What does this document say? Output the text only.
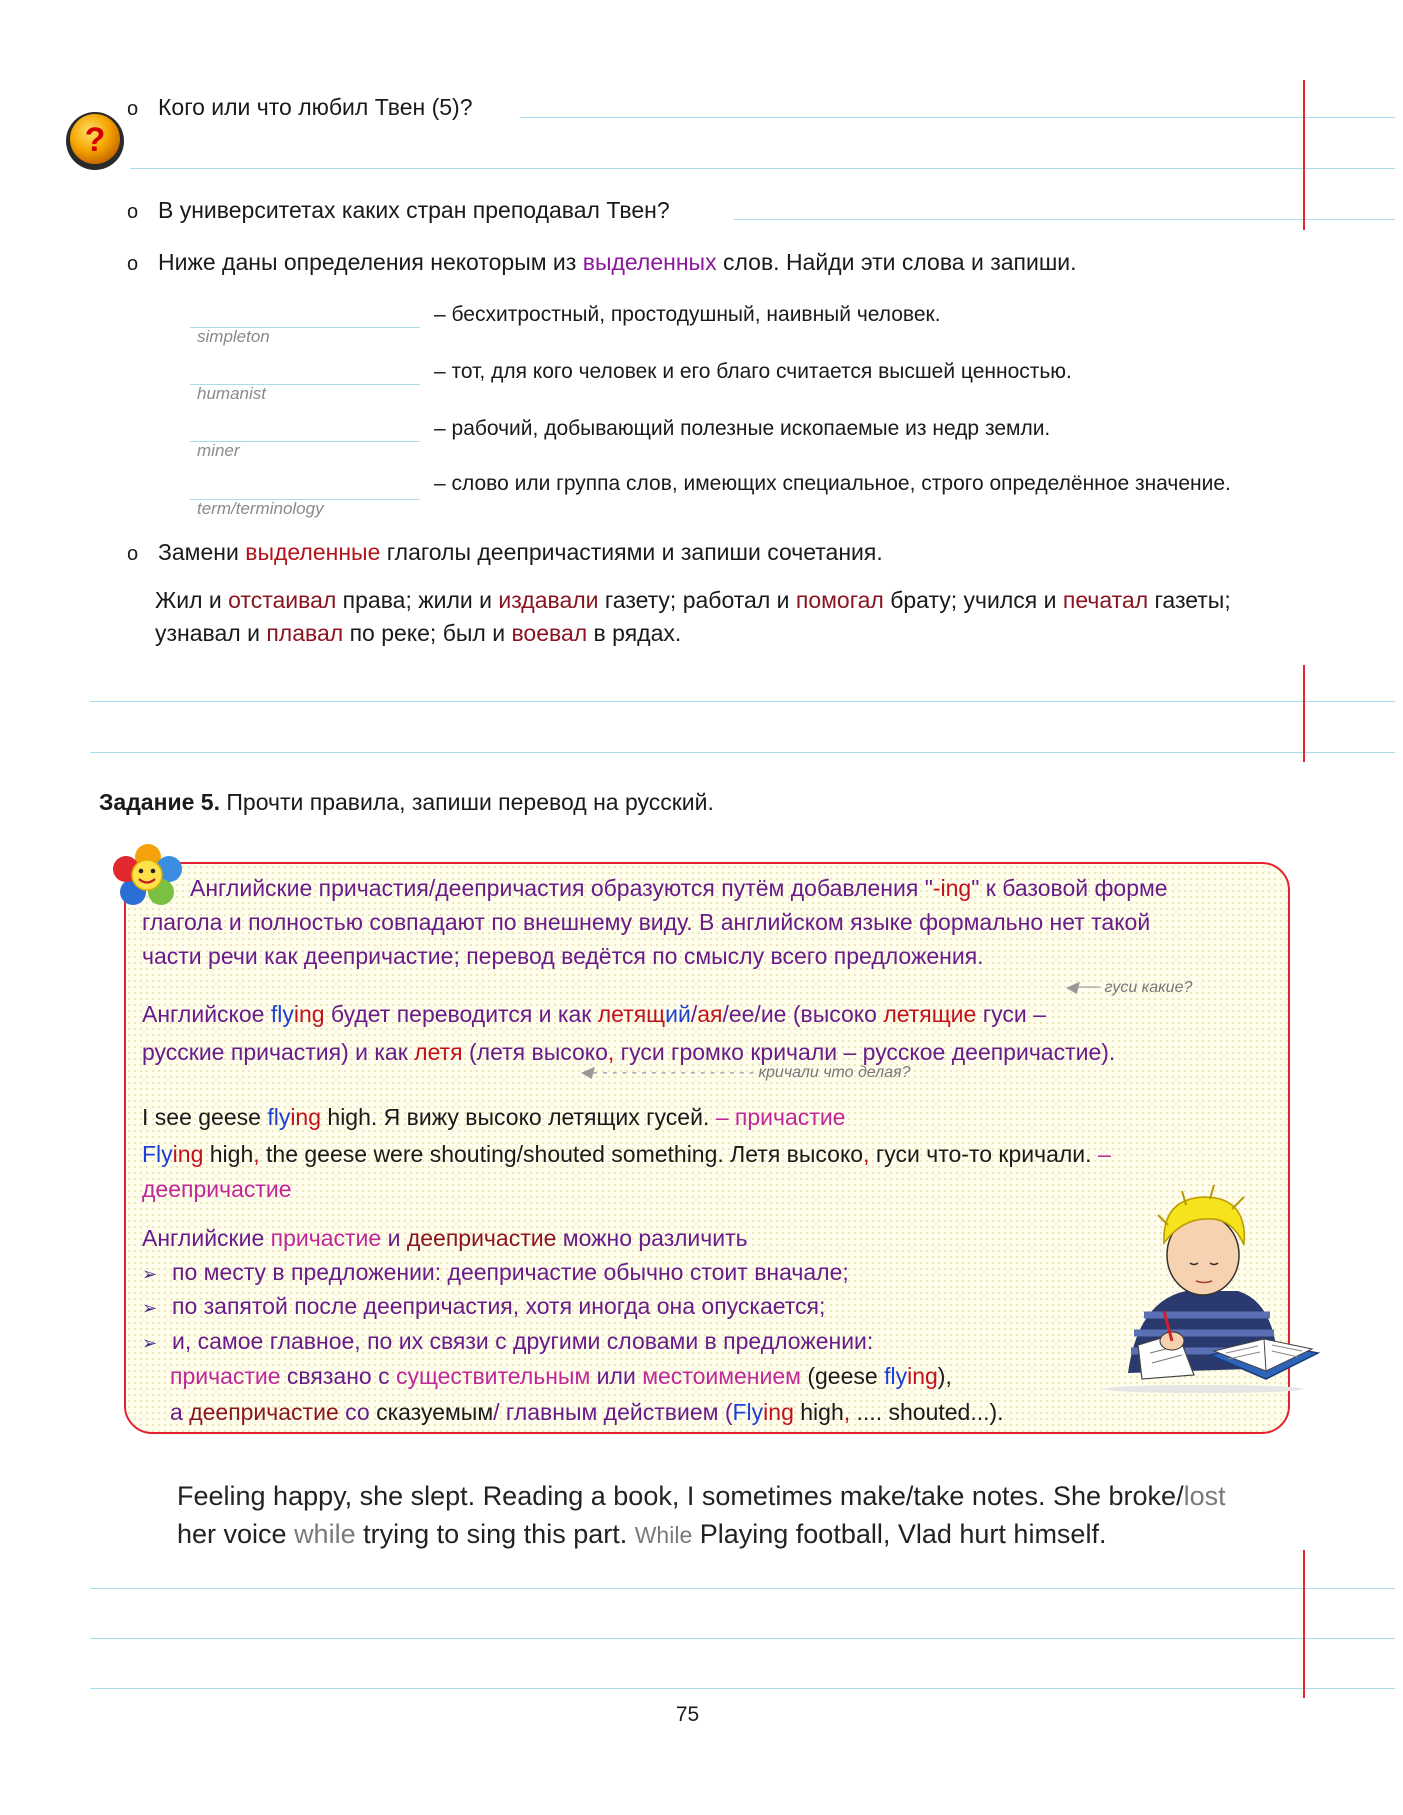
?
o Кого или что любил Твен (5)?
o В университетах каких стран преподавал Твен?
o Ниже даны определения некоторым из выделенных слов. Найди эти слова и запиши.
simpleton
– бесхитростный, простодушный, наивный человек.
humanist
– тот, для кого человек и его благо считается высшей ценностью.
miner
– рабочий, добывающий полезные ископаемые из недр земли.
term/terminology
– слово или группа слов, имеющих специальное, строго определённое значение.
o Замени выделенные глаголы деепричастиями и запиши сочетания.
Жил и отстаивал права; жили и издавали газету; работал и помогал брату; учился и печатал газеты;
узнавал и плавал по реке; был и воевал в рядах.
Задание 5. Прочти правила, запиши перевод на русский.
Английские причастия/деепричастия образуются путём добавления "-ing" к базовой форме
глагола и полностью совпадают по внешнему виду. В английском языке формально нет такой
части речи как деепричастие; перевод ведётся по смыслу всего предложения.
◀── гуси какие?
Английское flying будет переводится и как летящий/ая/ее/ие (высоко летящие гуси –
русские причастия) и как летя (летя высоко, гуси громко кричали – русское деепричастие).
◀- - - - - - - - - - - - - - - - - кричали что делая?
I see geese flying high. Я вижу высоко летящих гусей. – причастие
Flying high, the geese were shouting/shouted something. Летя высоко, гуси что-то кричали. –
деепричастие
Английские причастие и деепричастие можно различить
➢ по месту в предложении: деепричастие обычно стоит вначале;
➢ по запятой после деепричастия, хотя иногда она опускается;
➢ и, самое главное, по их связи с другими словами в предложении:
причастие связано с существительным или местоимением (geese flying),
а деепричастие со сказуемым/ главным действием (Flying high, .... shouted...).
Feeling happy, she slept. Reading a book, I sometimes make/take notes. She broke/lost
her voice while trying to sing this part. While Playing football, Vlad hurt himself.
75
